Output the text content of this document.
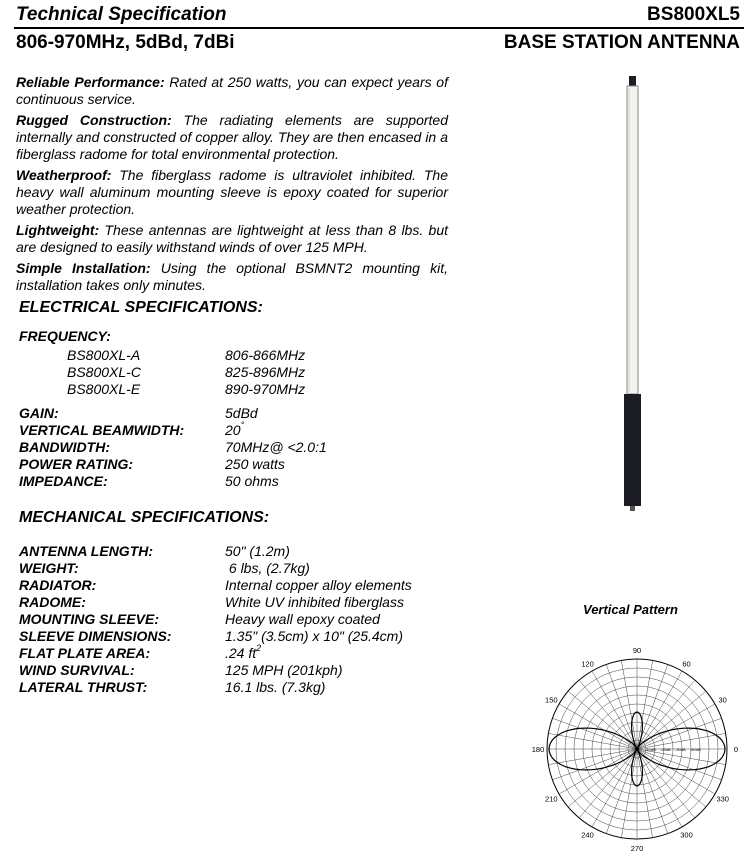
Technical Specification	BS800XL5
806-970MHz, 5dBd, 7dBi	BASE STATION ANTENNA

Reliable Performance: Rated at 250 watts, you can expect years of continuous service.

Rugged Construction: The radiating elements are supported internally and constructed of copper alloy. They are then encased in a fiberglass radome for total environmental protection.

Weatherproof: The fiberglass radome is ultraviolet inhibited. The heavy wall aluminum mounting sleeve is epoxy coated for superior weather protection.

Lightweight: These antennas are lightweight at less than 8 lbs. but are designed to easily withstand winds of over 125 MPH.

Simple Installation: Using the optional BSMNT2 mounting kit, installation takes only minutes.

ELECTRICAL SPECIFICATIONS:
FREQUENCY:
BS800XL-A	806-866MHz
BS800XL-C	825-896MHz
BS800XL-E	890-970MHz
GAIN:	5dBd
VERTICAL BEAMWIDTH:	20°
BANDWIDTH:	70MHz@ <2.0:1
POWER RATING:	250 watts
IMPEDANCE:	50 ohms
MECHANICAL SPECIFICATIONS:
ANTENNA LENGTH:	50" (1.2m)
WEIGHT:	6 lbs, (2.7kg)
RADIATOR:	Internal copper alloy elements
RADOME:	White UV inhibited fiberglass
MOUNTING SLEEVE:	Heavy wall epoxy coated
SLEEVE DIMENSIONS:	1.35" (3.5cm) x 10" (25.4cm)
FLAT PLATE AREA:	.24 $ft^2$
WIND SURVIVAL:	125 MPH (201kph)
LATERAL THRUST:	16.1 lbs. (7.3kg)
Vertical Pattern
0
30
60
90
120
150
180
210
240
270
300
330
-10dB -20dB -30dB -40dB
